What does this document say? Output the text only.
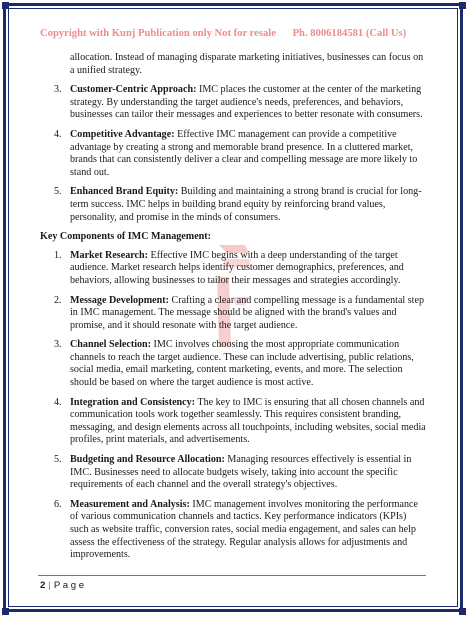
Copyright with Kunj Publication only Not for resale Ph. 8006184581 (Call Us)
allocation. Instead of managing disparate marketing initiatives, businesses can focus on a unified strategy.
3. Customer-Centric Approach: IMC places the customer at the center of the marketing strategy. By understanding the target audience's needs, preferences, and behaviors, businesses can tailor their messages and experiences to better resonate with consumers.
4. Competitive Advantage: Effective IMC management can provide a competitive advantage by creating a strong and memorable brand presence. In a cluttered market, brands that can consistently deliver a clear and compelling message are more likely to stand out.
5. Enhanced Brand Equity: Building and maintaining a strong brand is crucial for long-term success. IMC helps in building brand equity by reinforcing brand values, personality, and promise in the minds of consumers.
Key Components of IMC Management:
1. Market Research: Effective IMC begins with a deep understanding of the target audience. Market research helps identify customer demographics, preferences, and behaviors, allowing businesses to tailor their messages and strategies accordingly.
2. Message Development: Crafting a clear and compelling message is a fundamental step in IMC management. The message should be aligned with the brand's values and promise, and it should resonate with the target audience.
3. Channel Selection: IMC involves choosing the most appropriate communication channels to reach the target audience. These can include advertising, public relations, social media, email marketing, content marketing, events, and more. The selection should be based on where the target audience is most active.
4. Integration and Consistency: The key to IMC is ensuring that all chosen channels and communication tools work together seamlessly. This requires consistent branding, messaging, and design elements across all touchpoints, including websites, social media profiles, print materials, and advertisements.
5. Budgeting and Resource Allocation: Managing resources effectively is essential in IMC. Businesses need to allocate budgets wisely, taking into account the specific requirements of each channel and the overall strategy's objectives.
6. Measurement and Analysis: IMC management involves monitoring the performance of various communication channels and tactics. Key performance indicators (KPIs) such as website traffic, conversion rates, social media engagement, and sales can help assess the effectiveness of the strategy. Regular analysis allows for adjustments and improvements.
2 | P a g e
